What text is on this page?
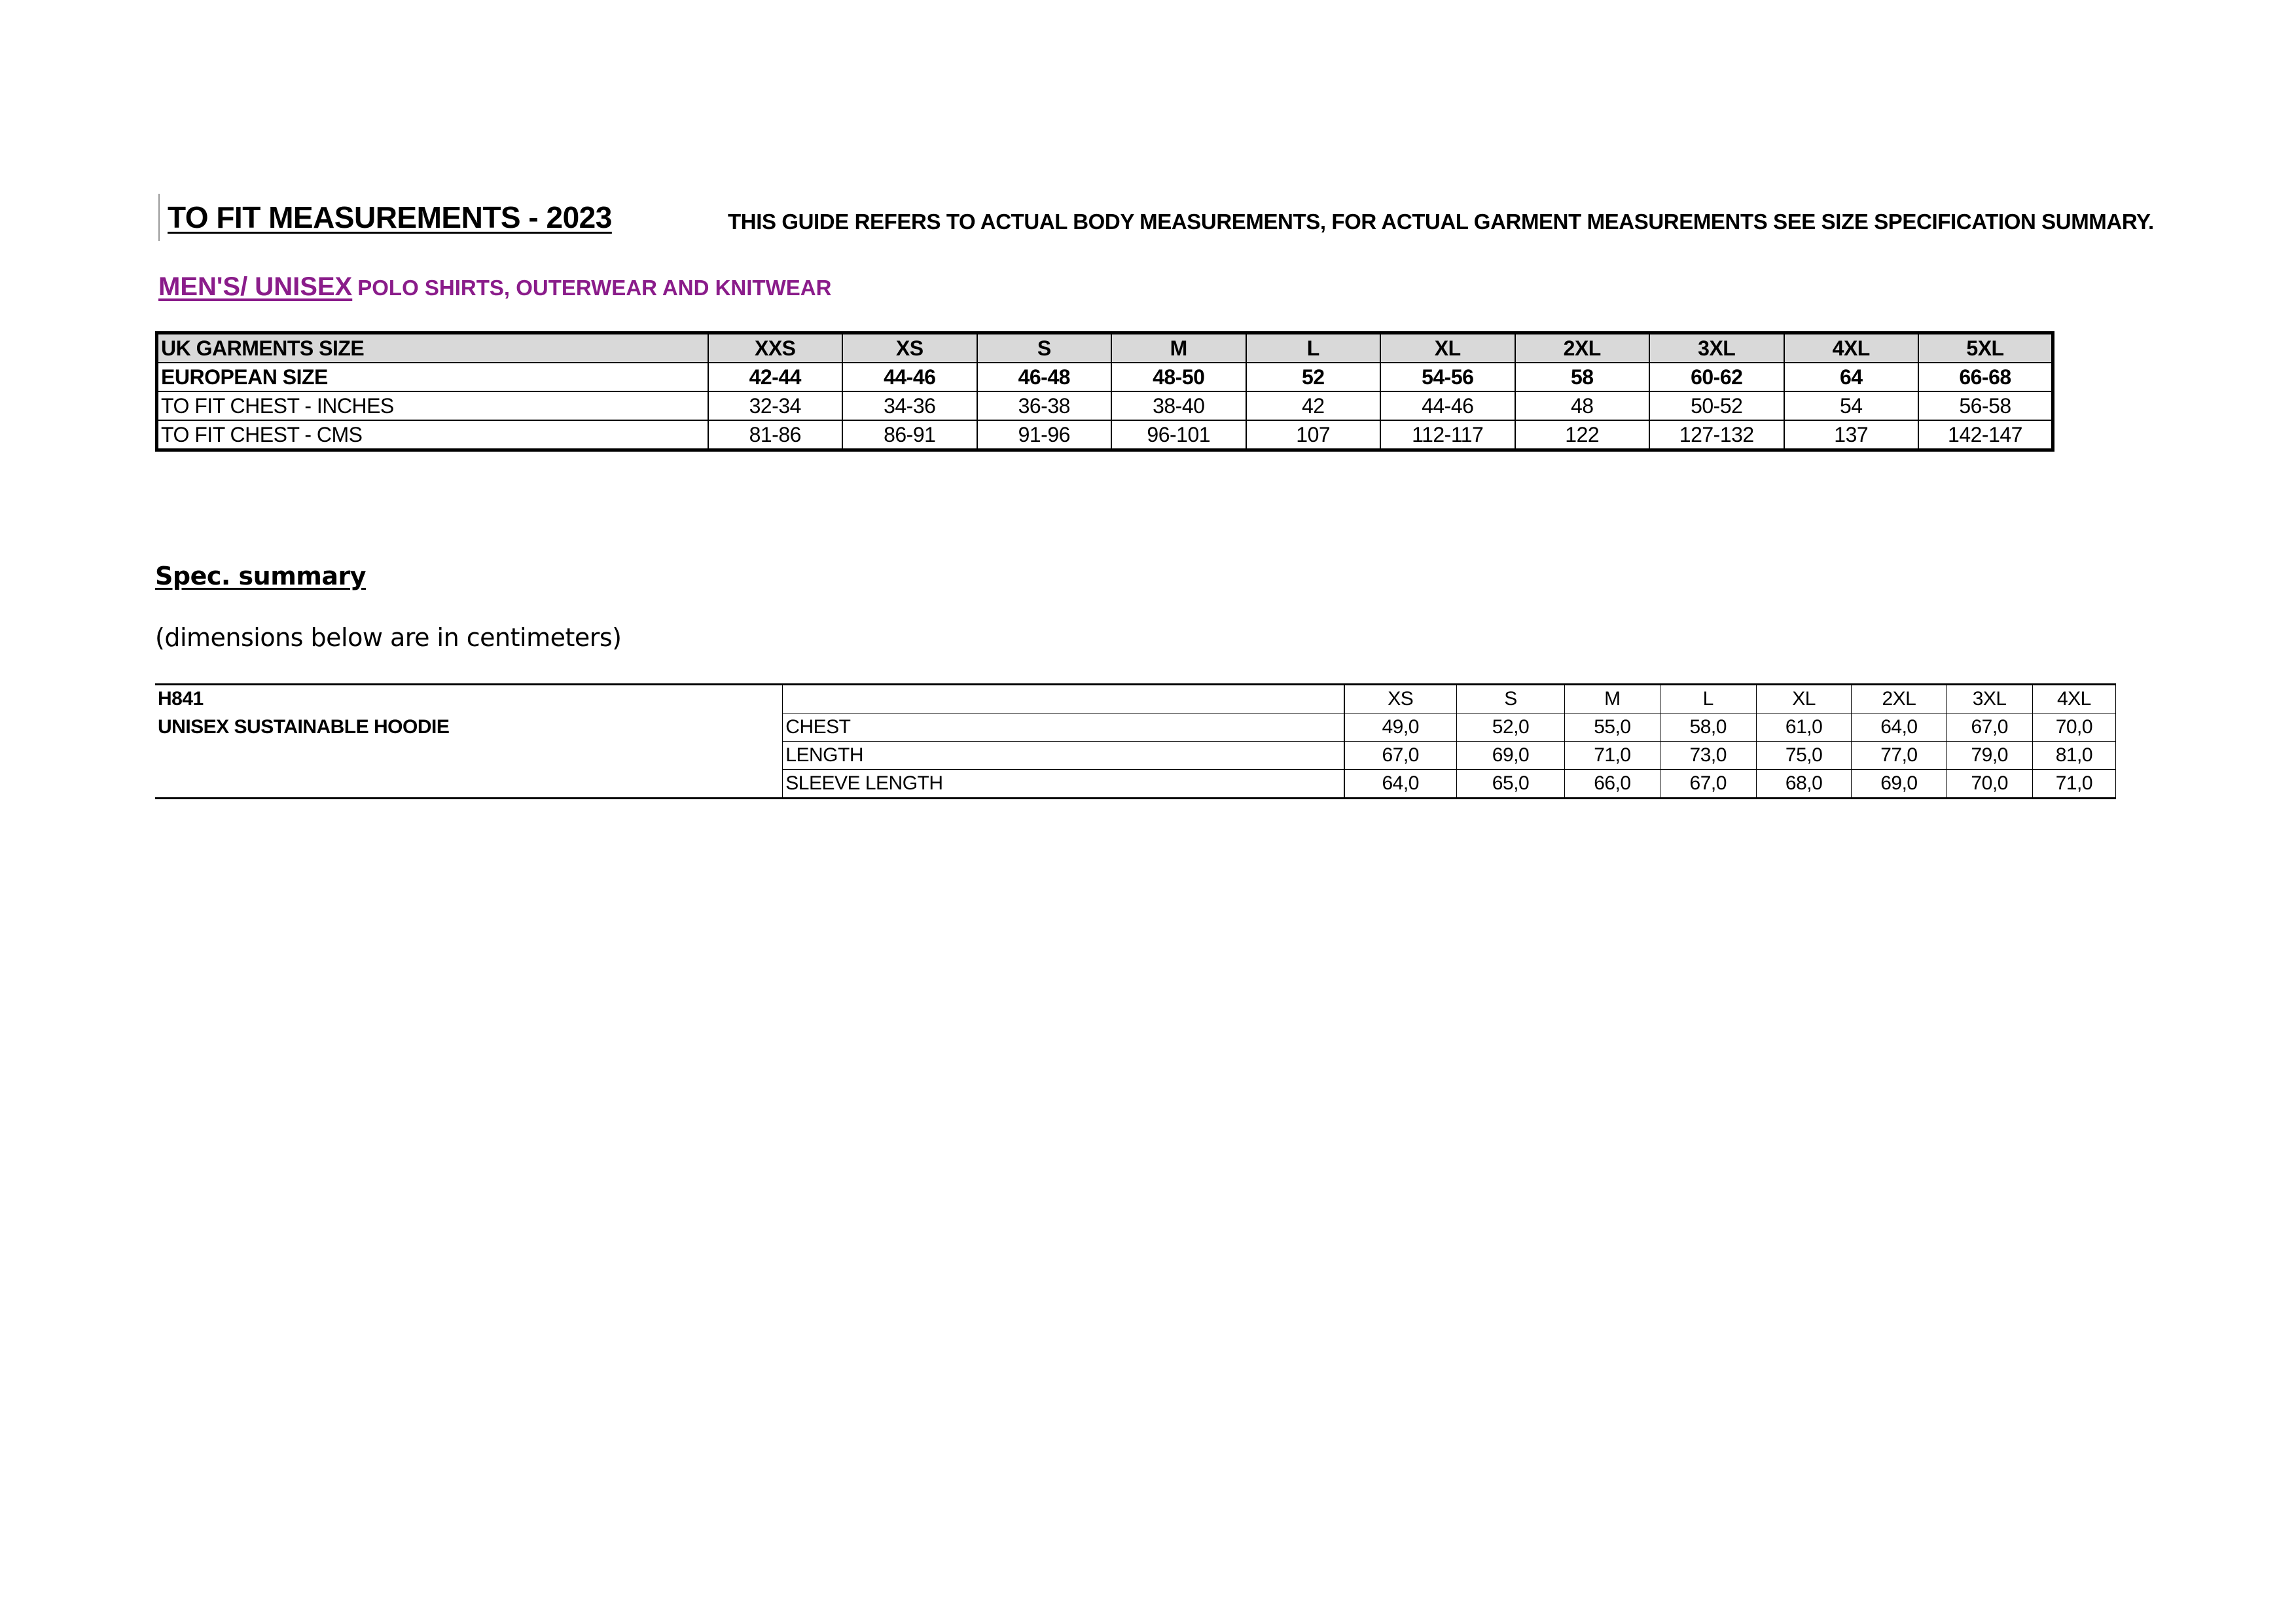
TO FIT MEASUREMENTS - 2023	THIS GUIDE REFERS TO ACTUAL BODY MEASUREMENTS, FOR ACTUAL GARMENT MEASUREMENTS SEE SIZE SPECIFICATION SUMMARY.
MEN'S/ UNISEX POLO SHIRTS, OUTERWEAR AND KNITWEAR
UK GARMENTS SIZE	XXS	XS	S	M	L	XL	2XL	3XL	4XL	5XL
EUROPEAN SIZE	42-44	44-46	46-48	48-50	52	54-56	58	60-62	64	66-68
TO FIT CHEST - INCHES	32-34	34-36	36-38	38-40	42	44-46	48	50-52	54	56-58
TO FIT CHEST - CMS	81-86	86-91	91-96	96-101	107	112-117	122	127-132	137	142-147
Spec. summary
(dimensions below are in centimeters)
H841		XS	S	M	L	XL	2XL	3XL	4XL
UNISEX SUSTAINABLE HOODIE	CHEST	49,0	52,0	55,0	58,0	61,0	64,0	67,0	70,0
	LENGTH	67,0	69,0	71,0	73,0	75,0	77,0	79,0	81,0
	SLEEVE LENGTH	64,0	65,0	66,0	67,0	68,0	69,0	70,0	71,0
